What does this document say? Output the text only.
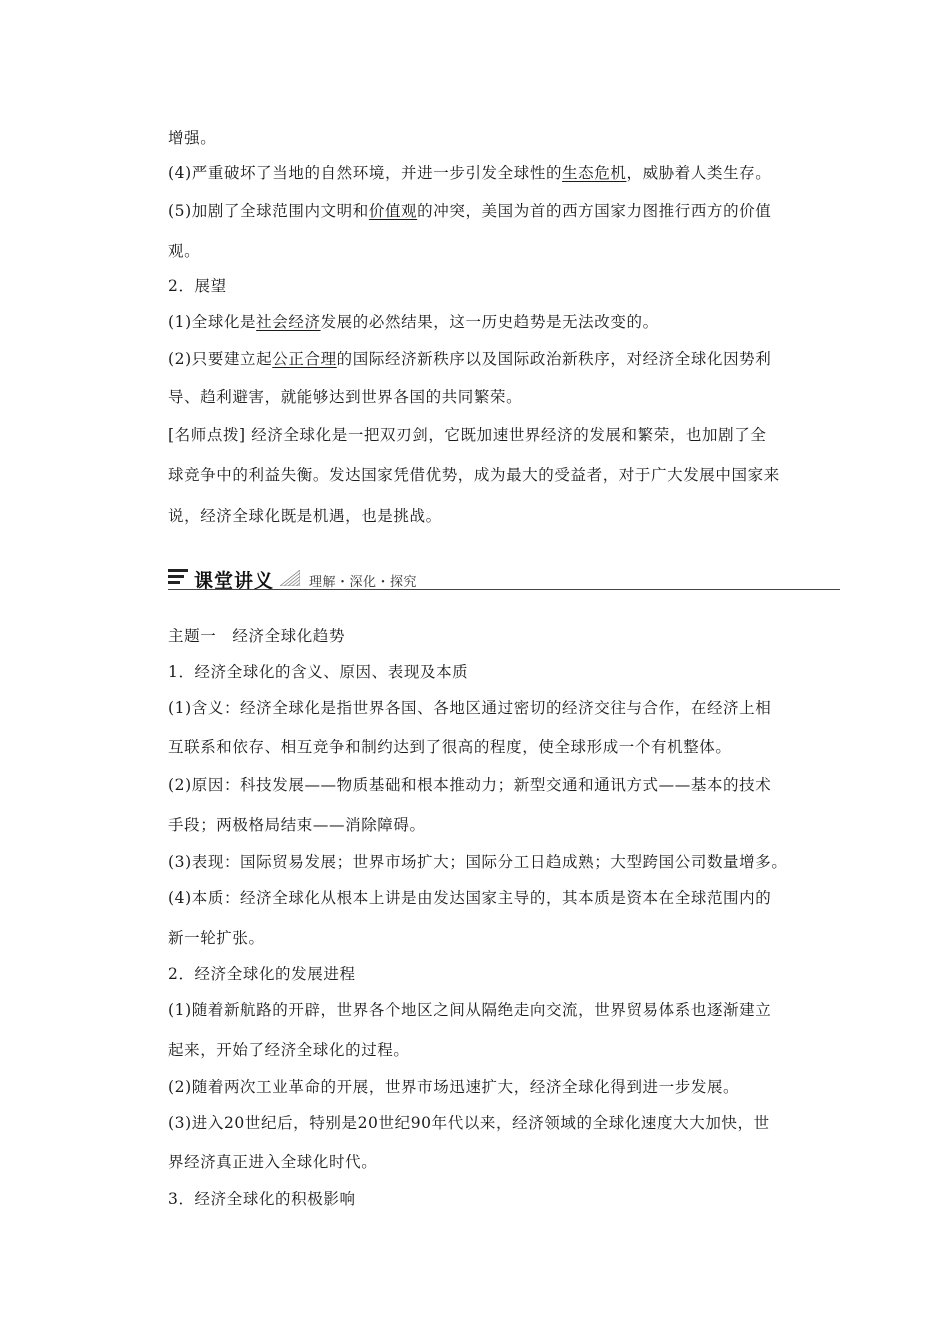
增强。
(4)严重破坏了当地的自然环境，并进一步引发全球性的生态危机，威胁着人类生存。
(5)加剧了全球范围内文明和价值观的冲突，美国为首的西方国家力图推行西方的价值
观。
2．展望
(1)全球化是社会经济发展的必然结果，这一历史趋势是无法改变的。
(2)只要建立起公正合理的国际经济新秩序以及国际政治新秩序，对经济全球化因势利
导、趋利避害，就能够达到世界各国的共同繁荣。
[名师点拨] 经济全球化是一把双刃剑，它既加速世界经济的发展和繁荣，也加剧了全
球竞争中的利益失衡。发达国家凭借优势，成为最大的受益者，对于广大发展中国家来
说，经济全球化既是机遇，也是挑战。
课堂讲义	理解・深化・探究
主题一　经济全球化趋势
1．经济全球化的含义、原因、表现及本质
(1)含义：经济全球化是指世界各国、各地区通过密切的经济交往与合作，在经济上相
互联系和依存、相互竞争和制约达到了很高的程度，使全球形成一个有机整体。
(2)原因：科技发展——物质基础和根本推动力；新型交通和通讯方式——基本的技术
手段；两极格局结束——消除障碍。
(3)表现：国际贸易发展；世界市场扩大；国际分工日趋成熟；大型跨国公司数量增多。
(4)本质：经济全球化从根本上讲是由发达国家主导的，其本质是资本在全球范围内的
新一轮扩张。
2．经济全球化的发展进程
(1)随着新航路的开辟，世界各个地区之间从隔绝走向交流，世界贸易体系也逐渐建立
起来，开始了经济全球化的过程。
(2)随着两次工业革命的开展，世界市场迅速扩大，经济全球化得到进一步发展。
(3)进入20世纪后，特别是20世纪90年代以来，经济领域的全球化速度大大加快，世
界经济真正进入全球化时代。
3．经济全球化的积极影响
